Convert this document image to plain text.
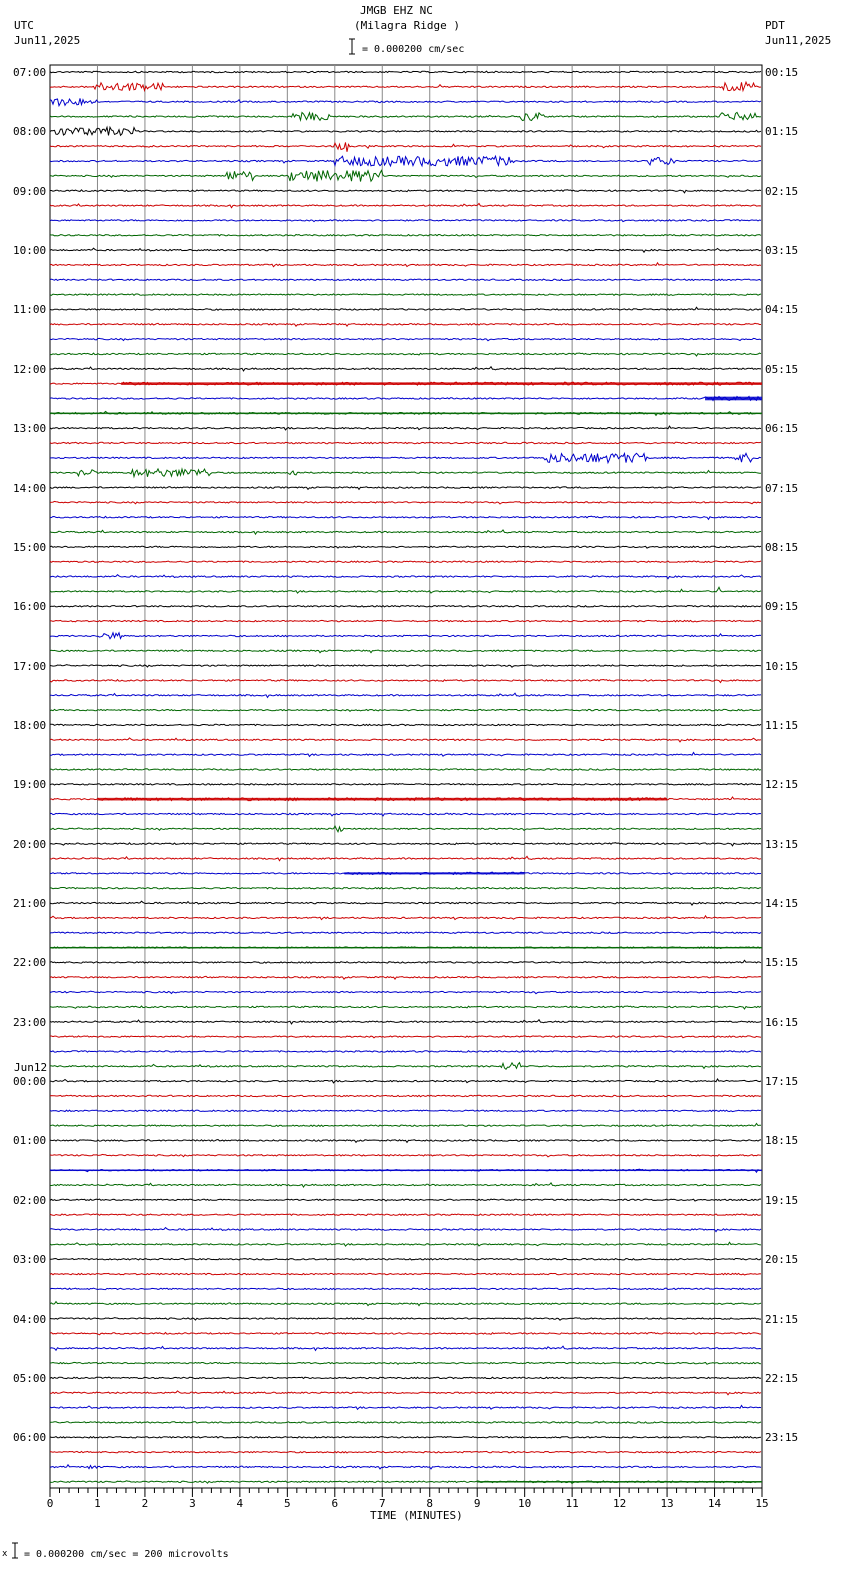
0	1	2	3	4	5	6	7	8	9	10	11	12	13	14	15
JMGB EHZ NC
(Milagra Ridge )
= 0.000200 cm/sec
UTC
Jun11,2025
PDT
Jun11,2025
TIME (MINUTES)
x = 0.000200 cm/sec = 200 microvolts
07:00
08:00
09:00
10:00
11:00
12:00
13:00
14:00
15:00
16:00
17:00
18:00
19:00
20:00
21:00
22:00
23:00
Jun12
00:00
01:00
02:00
03:00
04:00
05:00
06:00
00:15
01:15
02:15
03:15
04:15
05:15
06:15
07:15
08:15
09:15
10:15
11:15
12:15
13:15
14:15
15:15
16:15
17:15
18:15
19:15
20:15
21:15
22:15
23:15
